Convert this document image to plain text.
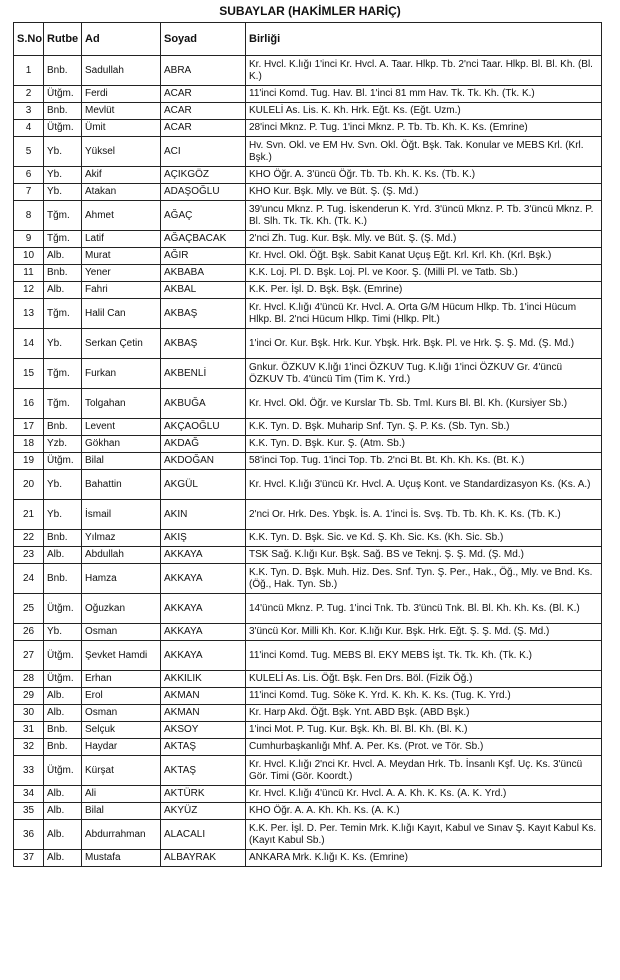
SUBAYLAR (HAKİMLER HARİÇ)
S.No	Rutbe	Ad	Soyad	Birliği
1	Bnb.	Sadullah	ABRA	Kr. Hvcl. K.lığı 1'inci Kr. Hvcl. A. Taar. Hlkp. Tb. 2'nci Taar. Hlkp. Bl. Bl. Kh. (Bl. K.)
2	Ütğm.	Ferdi	ACAR	11'inci Komd. Tug. Hav. Bl. 1'inci 81 mm Hav. Tk. Tk. Kh. (Tk. K.)
3	Bnb.	Mevlüt	ACAR	KULELİ As. Lis. K. Kh. Hrk. Eğt. Ks. (Eğt. Uzm.)
4	Ütğm.	Ümit	ACAR	28'inci Mknz. P. Tug. 1'inci Mknz. P. Tb. Tb. Kh. K. Ks. (Emrine)
5	Yb.	Yüksel	ACI	Hv. Svn. Okl. ve EM Hv. Svn. Okl. Öğt. Bşk. Tak. Konular ve MEBS Krl. (Krl. Bşk.)
6	Yb.	Akif	AÇIKGÖZ	KHO Öğr. A. 3'üncü Öğr. Tb. Tb. Kh. K. Ks. (Tb. K.)
7	Yb.	Atakan	ADAŞOĞLU	KHO Kur. Bşk. Mly. ve Büt. Ş. (Ş. Md.)
8	Tğm.	Ahmet	AĞAÇ	39'uncu Mknz. P. Tug. İskenderun K. Yrd. 3'üncü Mknz. P. Tb. 3'üncü Mknz. P. Bl. Slh. Tk. Tk. Kh. (Tk. K.)
9	Tğm.	Latif	AĞAÇBACAK	2'nci Zh. Tug. Kur. Bşk. Mly. ve Büt. Ş. (Ş. Md.)
10	Alb.	Murat	AĞIR	Kr. Hvcl. Okl. Öğt. Bşk. Sabit Kanat Uçuş Eğt. Krl. Krl. Kh. (Krl. Bşk.)
11	Bnb.	Yener	AKBABA	K.K. Loj. Pl. D. Bşk. Loj. Pl. ve Koor. Ş. (Milli Pl. ve Tatb. Sb.)
12	Alb.	Fahri	AKBAL	K.K. Per. İşl. D. Bşk. Bşk. (Emrine)
13	Tğm.	Halil Can	AKBAŞ	Kr. Hvcl. K.lığı 4'üncü Kr. Hvcl. A. Orta G/M Hücum Hlkp. Tb. 1'inci Hücum Hlkp. Bl. 2'nci Hücum Hlkp. Timi (Hlkp. Plt.)
14	Yb.	Serkan Çetin	AKBAŞ	1'inci Or. Kur. Bşk. Hrk. Kur. Ybşk. Hrk. Bşk. Pl. ve Hrk. Ş. Ş. Md. (Ş. Md.)
15	Tğm.	Furkan	AKBENLİ	Gnkur. ÖZKUV K.lığı 1'inci ÖZKUV Tug. K.lığı 1'inci ÖZKUV Gr. 4'üncü ÖZKUV Tb. 4'üncü Tim (Tim K. Yrd.)
16	Tğm.	Tolgahan	AKBUĞA	Kr. Hvcl. Okl. Öğr. ve Kurslar Tb. Sb. Tml. Kurs Bl. Bl. Kh. (Kursiyer Sb.)
17	Bnb.	Levent	AKÇAOĞLU	K.K. Tyn. D. Bşk. Muharip Snf. Tyn. Ş. P. Ks. (Sb. Tyn. Sb.)
18	Yzb.	Gökhan	AKDAĞ	K.K. Tyn. D. Bşk. Kur. Ş. (Atm. Sb.)
19	Ütğm.	Bilal	AKDOĞAN	58'inci Top. Tug. 1'inci Top. Tb. 2'nci Bt. Bt. Kh. Kh. Ks. (Bt. K.)
20	Yb.	Bahattin	AKGÜL	Kr. Hvcl. K.lığı 3'üncü Kr. Hvcl. A. Uçuş Kont. ve Standardizasyon Ks. (Ks. A.)
21	Yb.	İsmail	AKIN	2'nci Or. Hrk. Des. Ybşk. İs. A. 1'inci İs. Svş. Tb. Tb. Kh. K. Ks. (Tb. K.)
22	Bnb.	Yılmaz	AKIŞ	K.K. Tyn. D. Bşk. Sic. ve Kd. Ş. Kh. Sic. Ks. (Kh. Sic. Sb.)
23	Alb.	Abdullah	AKKAYA	TSK Sağ. K.lığı Kur. Bşk. Sağ. BS ve Teknj. Ş. Ş. Md. (Ş. Md.)
24	Bnb.	Hamza	AKKAYA	K.K. Tyn. D. Bşk. Muh. Hiz. Des. Snf. Tyn. Ş. Per., Hak., Öğ., Mly. ve Bnd. Ks. (Öğ., Hak. Tyn. Sb.)
25	Ütğm.	Oğuzkan	AKKAYA	14'üncü Mknz. P. Tug. 1'inci Tnk. Tb. 3'üncü Tnk. Bl. Bl. Kh. Kh. Ks. (Bl. K.)
26	Yb.	Osman	AKKAYA	3'üncü Kor. Milli Kh. Kor. K.lığı Kur. Bşk. Hrk. Eğt. Ş. Ş. Md. (Ş. Md.)
27	Ütğm.	Şevket Hamdi	AKKAYA	11'inci Komd. Tug. MEBS Bl. EKY MEBS İşt. Tk. Tk. Kh. (Tk. K.)
28	Ütğm.	Erhan	AKKILIK	KULELİ As. Lis. Öğt. Bşk. Fen Drs. Böl. (Fizik Öğ.)
29	Alb.	Erol	AKMAN	11'inci Komd. Tug. Söke K. Yrd. K. Kh. K. Ks. (Tug. K. Yrd.)
30	Alb.	Osman	AKMAN	Kr. Harp Akd. Öğt. Bşk. Ynt. ABD Bşk. (ABD Bşk.)
31	Bnb.	Selçuk	AKSOY	1'inci Mot. P. Tug. Kur. Bşk. Kh. Bl. Bl. Kh. (Bl. K.)
32	Bnb.	Haydar	AKTAŞ	Cumhurbaşkanlığı Mhf. A. Per. Ks. (Prot. ve Tör. Sb.)
33	Ütğm.	Kürşat	AKTAŞ	Kr. Hvcl. K.lığı 2'nci Kr. Hvcl. A. Meydan Hrk. Tb. İnsanlı Kşf. Uç. Ks. 3'üncü Gör. Timi (Gör. Koordt.)
34	Alb.	Ali	AKTÜRK	Kr. Hvcl. K.lığı 4'üncü Kr. Hvcl. A. A. Kh. K. Ks. (A. K. Yrd.)
35	Alb.	Bilal	AKYÜZ	KHO Öğr. A. A. Kh. Kh. Ks. (A. K.)
36	Alb.	Abdurrahman	ALACALI	K.K. Per. İşl. D. Per. Temin Mrk. K.lığı Kayıt, Kabul ve Sınav Ş. Kayıt Kabul Ks. (Kayıt Kabul Sb.)
37	Alb.	Mustafa	ALBAYRAK	ANKARA Mrk. K.lığı K. Ks. (Emrine)
